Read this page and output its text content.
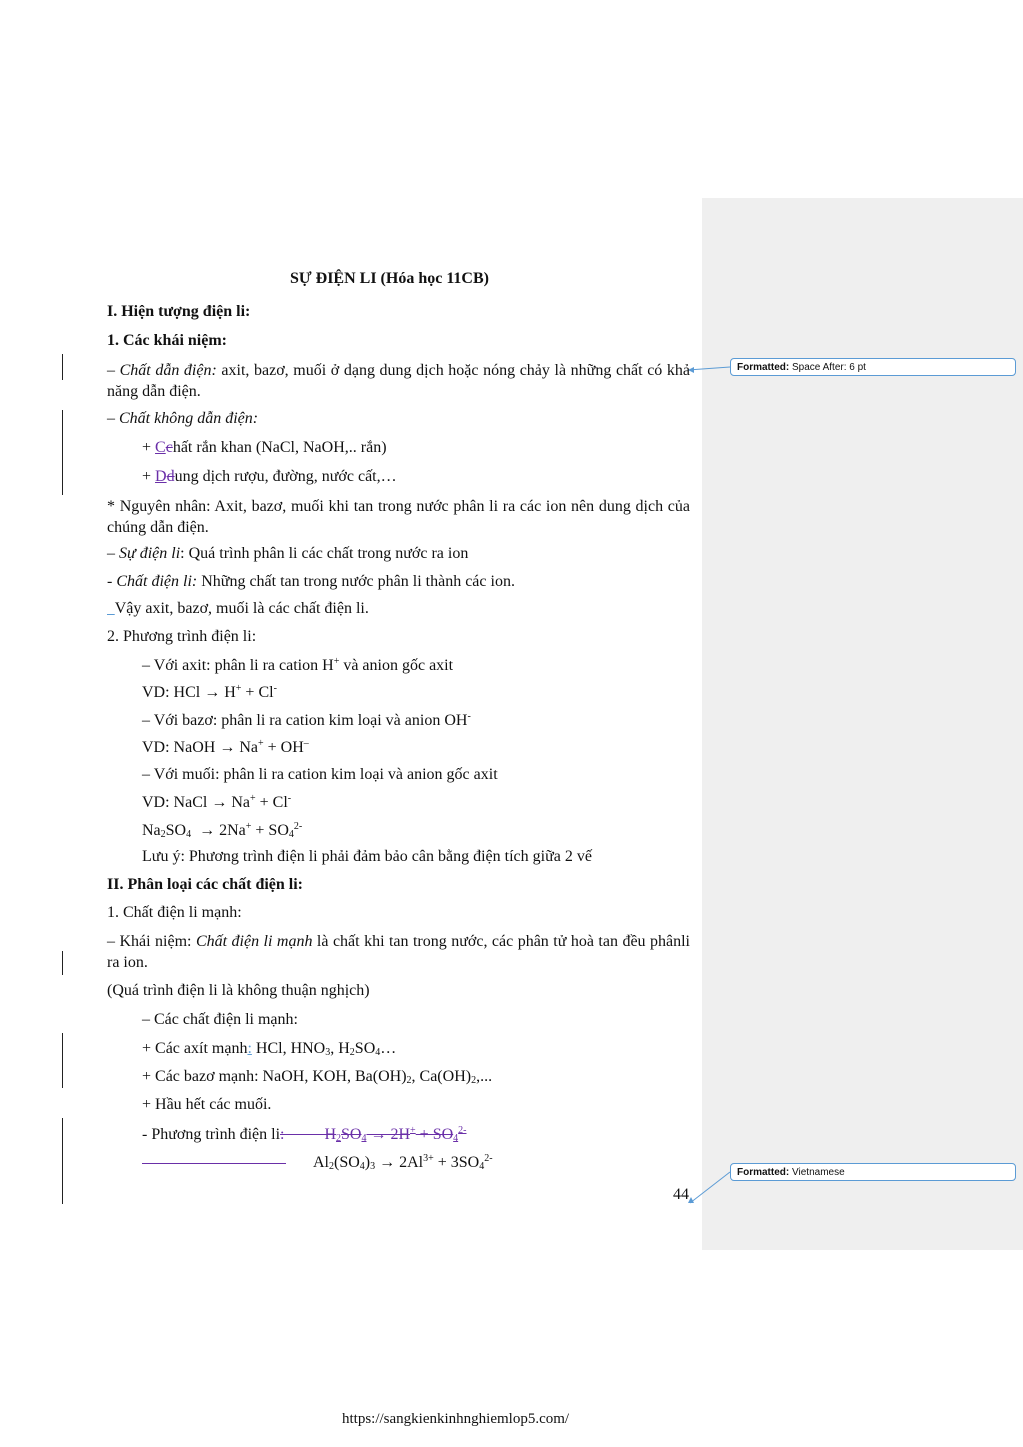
Formatted: Space After: 6 pt
Formatted: Vietnamese
SỰ ĐIỆN LI (Hóa học 11CB)
I. Hiện tượng điện li:
1. Các khái niệm:
– Chất dẫn điện: axit, bazơ, muối ở dạng dung dịch hoặc nóng chảy là những chất có khả năng dẫn điện.
– Chất không dẫn điện:
+ Cchất rắn khan (NaCl, NaOH,.. rắn)
+ Ddung dịch rượu, đường, nước cất,…
* Nguyên nhân: Axit, bazơ, muối khi tan trong nước phân li ra các ion nên dung dịch của chúng dẫn điện.
– Sự điện li: Quá trình phân li các chất trong nước ra ion
- Chất điện li: Những chất tan trong nước phân li thành các ion.
Vậy axit, bazơ, muối là các chất điện li.
2. Phương trình điện li:
– Với axit: phân li ra cation H+ và anion gốc axit
VD: HCl → H+ + Cl-
– Với bazơ: phân li ra cation kim loại và anion OH-
VD: NaOH → Na+ + OH–
– Với muối: phân li ra cation kim loại và anion gốc axit
VD: NaCl → Na+ + Cl-
$Na_2SO_4 \to 2Na^+ + SO_4^{2-}$
Lưu ý: Phương trình điện li phải đảm bảo cân bằng điện tích giữa 2 vế
II. Phân loại các chất điện li:
1. Chất điện li mạnh:
– Khái niệm: Chất điện li mạnh là chất khi tan trong nước, các phân tử hoà tan đều phânli ra ion.
(Quá trình điện li là không thuận nghịch)
– Các chất điện li mạnh:
+ Các axít mạnh: HCl, $HNO_3$, $H_2SO_4\dots$
+ Các bazơ mạnh: NaOH, KOH, $Ba(OH)_2$, $Ca(OH)_2$,...
+ Hầu hết các muối.
- Phương trình điện li:          $H_2SO_4 \to 2H^+ + SO_4^{2-}$
$Al_2(SO_4)_3 \to 2Al^{3+} + 3SO_4^{2-}$
44
https://sangkienkinhnghiemlop5.com/
